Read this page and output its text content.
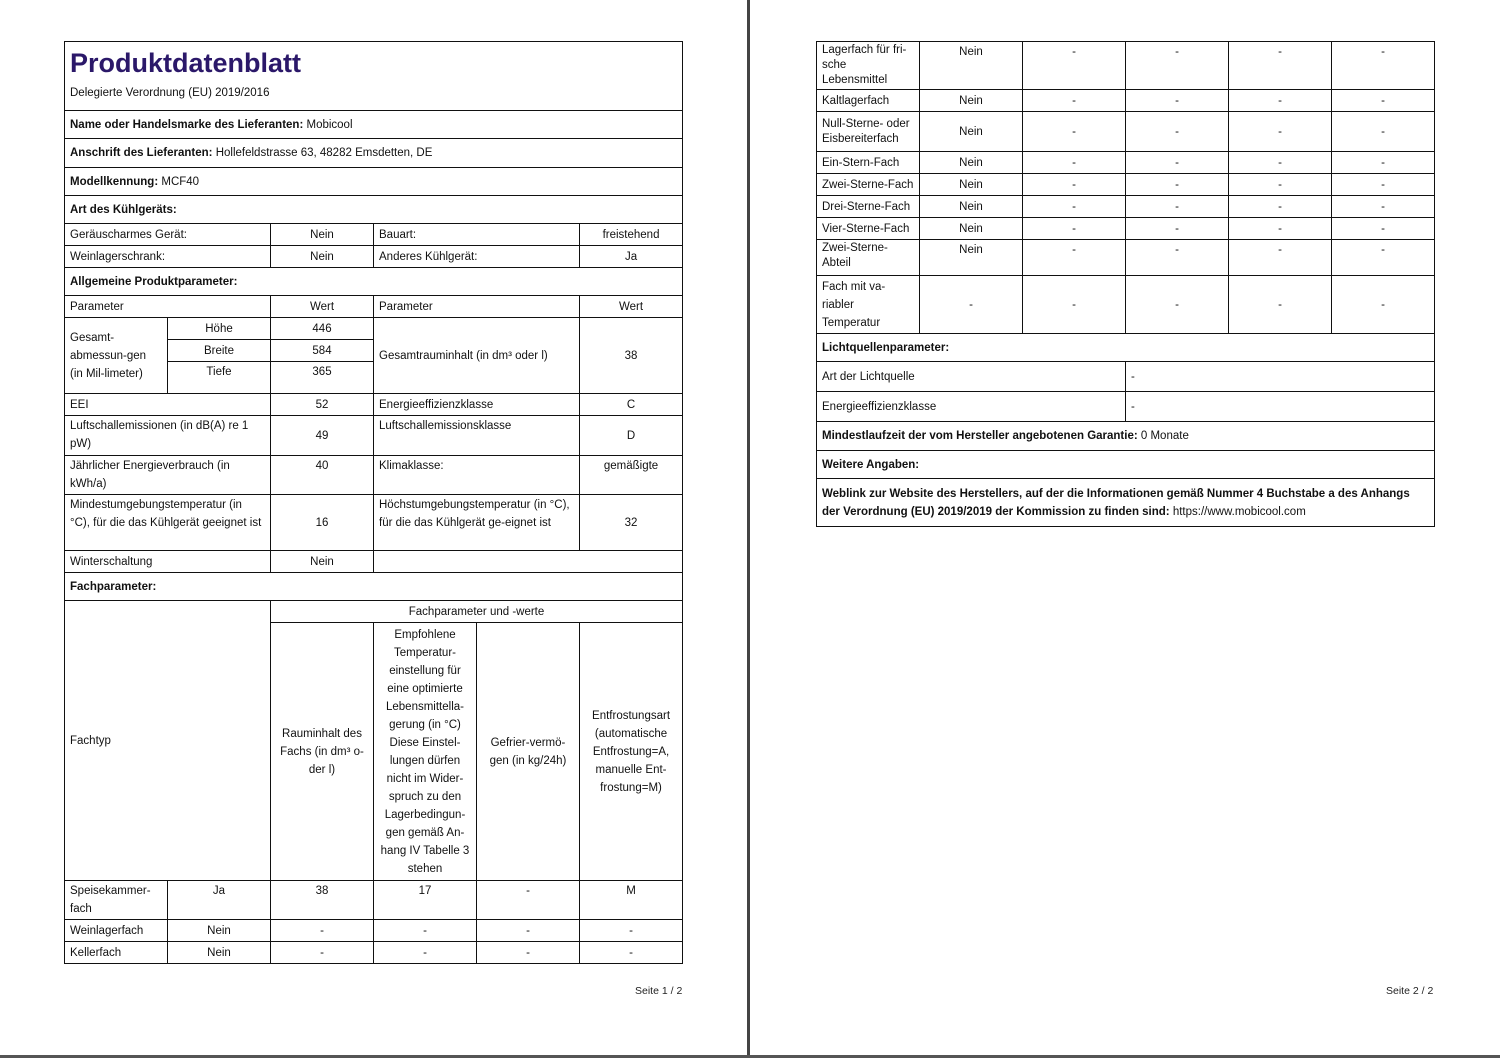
Produktdatenblatt
Delegierte Verordnung (EU) 2019/2016					

Name oder Handelsmarke des Lieferanten: Mobicool					
Anschrift des Lieferanten: Hollefeldstrasse 63, 48282 Emsdetten, DE					
Modellkennung: MCF40					
Art des Kühlgeräts:					
Geräuscharmes Gerät:		Nein	Bauart:		freistehend
Weinlagerschrank:		Nein	Anderes Kühlgerät:		Ja
Allgemeine Produktparameter:					
Parameter		Wert	Parameter		Wert
Gesamt-abmessun-gen (in Mil-limeter)	Höhe	446	Gesamtrauminhalt (in dm³ oder l)		38
	Breite	584			
	Tiefe	365			
EEI		52	Energieeffizienzklasse		C
Luftschallemissionen (in dB(A) re 1 pW)		49	Luftschallemissionsklasse		D
Jährlicher Energieverbrauch (in kWh/a)		40	Klimaklasse:		gemäßigte
Mindestumgebungstemperatur (in °C), für die das Kühlgerät geeignet ist		16	Höchstumgebungstemperatur (in °C), für die das Kühlgerät ge-eignet ist		32
Winterschaltung		Nein			
Fachparameter:					
Fachtyp		Fachparameter und -werte			
		Rauminhalt des Fachs (in dm³ o-der l)	Empfohlene Temperatur-einstellung für eine optimierte Lebensmittella-gerung (in °C) Diese Einstel-lungen dürfen nicht im Wider-spruch zu den Lagerbedingun-gen gemäß An-hang IV Tabelle 3 stehen	Gefrier-vermö-gen (in kg/24h)	Entfrostungsart (automatische Entfrostung=A, manuelle Ent-frostung=M)
Speisekammer-fach	Ja	38	17	-	M
Weinlagerfach	Nein	-	-	-	-
Kellerfach	Nein	-	-	-	-
Seite 1 / 2
Lagerfach für fri-sche Lebensmittel	Nein	-	-	-	-
Kaltlagerfach	Nein	-	-	-	-
Null-Sterne- oder Eisbereiterfach	Nein	-	-	-	-
Ein-Stern-Fach	Nein	-	-	-	-
Zwei-Sterne-Fach	Nein	-	-	-	-
Drei-Sterne-Fach	Nein	-	-	-	-
Vier-Sterne-Fach	Nein	-	-	-	-
Zwei-Sterne-Abteil	Nein	-	-	-	-
Fach mit va-riabler Temperatur	-	-	-	-	-
Lichtquellenparameter:					
Art der Lichtquelle			-		
Energieeffizienzklasse			-		
Mindestlaufzeit der vom Hersteller angebotenen Garantie: 0 Monate					
Weitere Angaben:					
Weblink zur Website des Herstellers, auf der die Informationen gemäß Nummer 4 Buchstabe a des Anhangs der Verordnung (EU) 2019/2019 der Kommission zu finden sind: https://www.mobicool.com					
Seite 2 / 2
